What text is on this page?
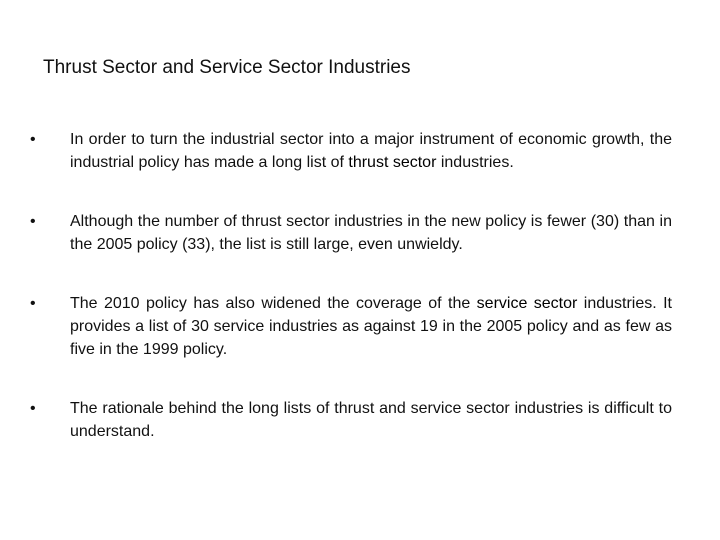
Thrust Sector and Service Sector Industries
•	In order to turn the industrial sector into a major instrument of economic growth, the industrial policy has made a long list of thrust sector industries.
•	Although the number of thrust sector industries in the new policy is fewer (30) than in the 2005 policy (33), the list is still large, even unwieldy.
•	The 2010 policy has also widened the coverage of the service sector industries. It provides a list of 30 service industries as against 19 in the 2005 policy and as few as five in the 1999 policy.
•	The rationale behind the long lists of thrust and service sector industries is difficult to understand.
